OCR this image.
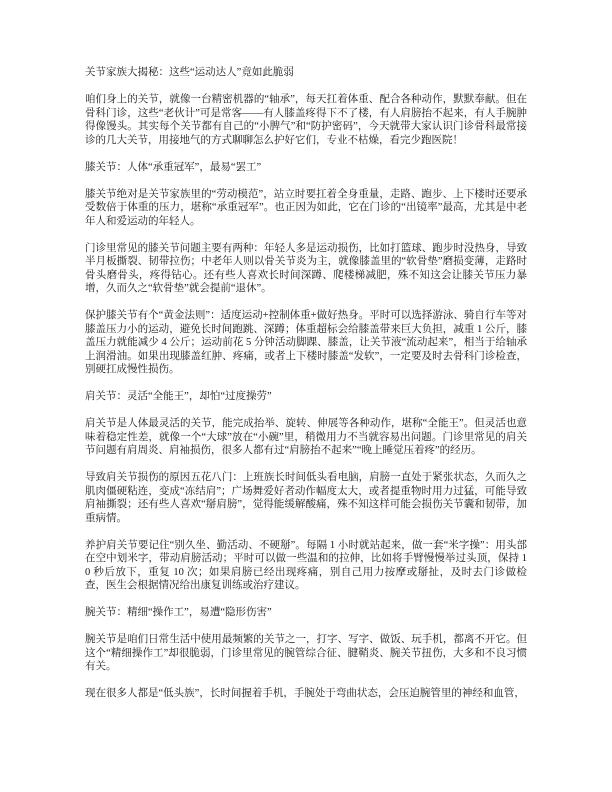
关节家族大揭秘：这些“运动达人”竟如此脆弱

咱们身上的关节，就像一台精密机器的“轴承”，每天扛着体重、配合各种动作，默默奉献。但在骨科门诊，这些“老伙计”可是常客——有人膝盖疼得下不了楼，有人肩膀抬不起来，有人手腕肿得像馒头。其实每个关节都有自己的“小脾气”和“防护密码”，今天就带大家认识门诊骨科最常接诊的几大关节，用接地气的方式聊聊怎么护好它们，专业不枯燥，看完少跑医院！

膝关节：人体“承重冠军”，最易“罢工”

膝关节绝对是关节家族里的“劳动模范”，站立时要扛着全身重量，走路、跑步、上下楼时还要承受数倍于体重的压力，堪称“承重冠军”。也正因为如此，它在门诊的“出镜率”最高，尤其是中老年人和爱运动的年轻人。

门诊里常见的膝关节问题主要有两种：年轻人多是运动损伤，比如打篮球、跑步时没热身，导致半月板撕裂、韧带拉伤；中老年人则以骨关节炎为主，就像膝盖里的“软骨垫”磨损变薄，走路时骨头磨骨头，疼得钻心。还有些人喜欢长时间深蹲、爬楼梯减肥，殊不知这会让膝关节压力暴增，久而久之“软骨垫”就会提前“退休”。

保护膝关节有个“黄金法则”：适度运动+控制体重+做好热身。平时可以选择游泳、骑自行车等对膝盖压力小的运动，避免长时间跑跳、深蹲；体重超标会给膝盖带来巨大负担，减重 1 公斤，膝盖压力就能减少 4 公斤；运动前花 5 分钟活动脚踝、膝盖，让关节液“流动起来”，相当于给轴承上润滑油。如果出现膝盖红肿、疼痛，或者上下楼时膝盖“发软”，一定要及时去骨科门诊检查，别硬扛成慢性损伤。

肩关节：灵活“全能王”，却怕“过度操劳”

肩关节是人体最灵活的关节，能完成抬举、旋转、伸展等各种动作，堪称“全能王”。但灵活也意味着稳定性差，就像一个“大球”放在“小碗”里，稍微用力不当就容易出问题。门诊里常见的肩关节问题有肩周炎、肩袖损伤，很多人都有过“肩膀抬不起来”“晚上睡觉压着疼”的经历。

导致肩关节损伤的原因五花八门：上班族长时间低头看电脑，肩膀一直处于紧张状态，久而久之肌肉僵硬粘连，变成“冻结肩”；广场舞爱好者动作幅度太大，或者提重物时用力过猛，可能导致肩袖撕裂；还有些人喜欢“掰肩膀”，觉得能缓解酸痛，殊不知这样可能会损伤关节囊和韧带，加重病情。

养护肩关节要记住“别久坐、勤活动、不硬掰”。每隔 1 小时就站起来，做一套“米字操”：用头部在空中划米字，带动肩膀活动；平时可以做一些温和的拉伸，比如将手臂慢慢举过头顶，保持 10 秒后放下，重复 10 次；如果肩膀已经出现疼痛，别自己用力按摩或掰扯，及时去门诊做检查，医生会根据情况给出康复训练或治疗建议。

腕关节：精细“操作工”，易遭“隐形伤害”

腕关节是咱们日常生活中使用最频繁的关节之一，打字、写字、做饭、玩手机，都离不开它。但这个“精细操作工”却很脆弱，门诊里常见的腕管综合征、腱鞘炎、腕关节扭伤，大多和不良习惯有关。

现在很多人都是“低头族”，长时间握着手机，手腕处于弯曲状态，会压迫腕管里的神经和血管，
